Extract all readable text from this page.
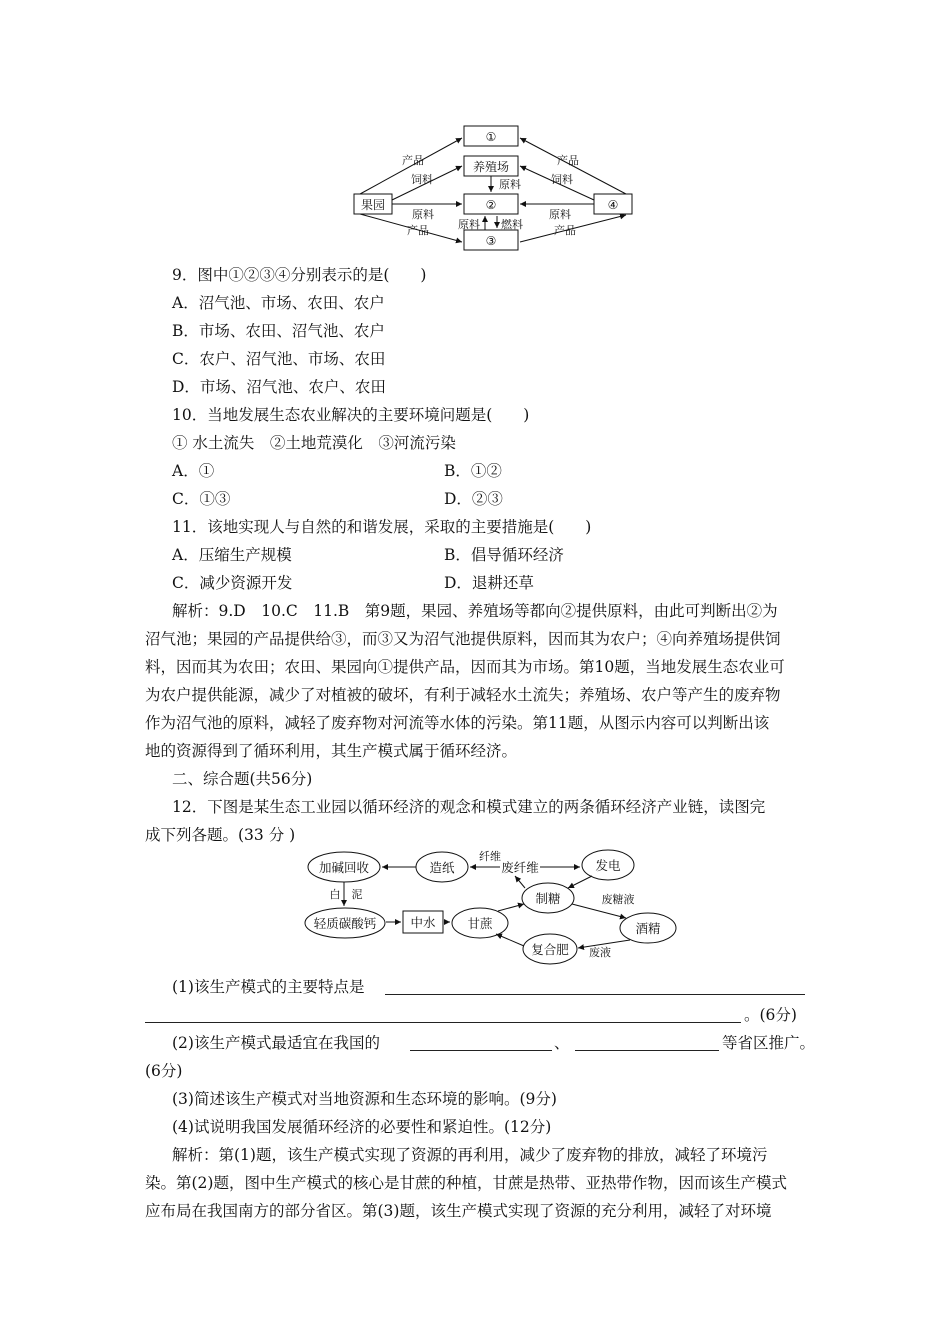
①
养殖场
②
③
果园	④
产品
饲料
产品
饲料
原料
原料
产品
原料
产品
原料 燃料
9．图中①②③④分别表示的是(　　)
A．沼气池、市场、农田、农户
B．市场、农田、沼气池、农户
C．农户、沼气池、市场、农田
D．市场、沼气池、农户、农田
10．当地发展生态农业解决的主要环境问题是(　　)
① 水土流失　②土地荒漠化　③河流污染
A．①	B．①②
C．①③	D．②③
11．该地实现人与自然的和谐发展，采取的主要措施是(　　)
A．压缩生产规模	B．倡导循环经济
C．减少资源开发	D．退耕还草
解析：9.D　10.C　11.B　第9题，果园、养殖场等都向②提供原料，由此可判断出②为
沼气池；果园的产品提供给③，而③又为沼气池提供原料，因而其为农户；④向养殖场提供饲
料，因而其为农田；农田、果园向①提供产品，因而其为市场。第10题，当地发展生态农业可
为农户提供能源，减少了对植被的破坏，有利于减轻水土流失；养殖场、农户等产生的废弃物
作为沼气池的原料，减轻了废弃物对河流等水体的污染。第11题，从图示内容可以判断出该
地的资源得到了循环利用，其生产模式属于循环经济。
二、综合题(共56分)
12．下图是某生态工业园以循环经济的观念和模式建立的两条循环经济产业链，读图完
成下列各题。(33 分 )
加碱回收	造纸	发电
制糖
轻质碳酸钙	中水	甘蔗	酒精
复合肥
废纤维
纤维
白　泥	废糖液
废液
(1)该生产模式的主要特点是
。(6分)
(2)该生产模式最适宜在我国的	、	等省区推广。
(6分)
(3)简述该生产模式对当地资源和生态环境的影响。(9分)
(4)试说明我国发展循环经济的必要性和紧迫性。(12分)
解析：第(1)题，该生产模式实现了资源的再利用，减少了废弃物的排放，减轻了环境污
染。第(2)题，图中生产模式的核心是甘蔗的种植，甘蔗是热带、亚热带作物，因而该生产模式
应布局在我国南方的部分省区。第(3)题，该生产模式实现了资源的充分利用，减轻了对环境
